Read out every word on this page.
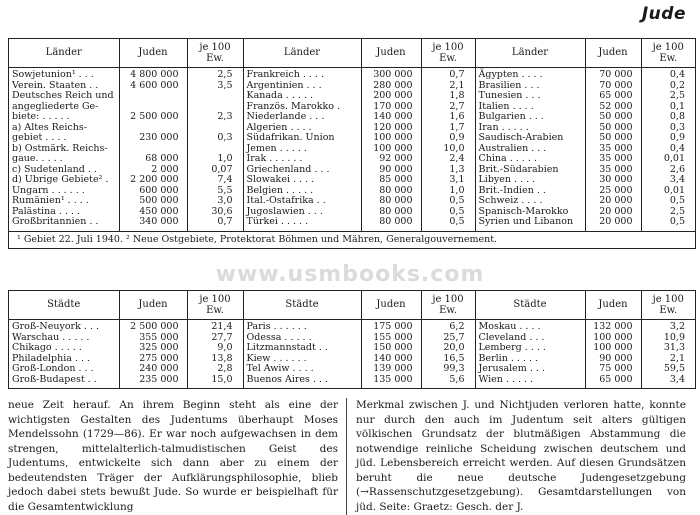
Jude
Länder	Juden	je 100 Ew.	Länder	Juden	je 100 Ew.	Länder	Juden	je 100 Ew.
Sowjetunion¹ . . .	4 800 000	2,5	Frankreich . . . .	300 000	0,7	Ägypten . . . .	70 000	0,4
Verein. Staaten . .	4 600 000	3,5	Argentinien . . .	280 000	2,1	Brasilien . . .	70 000	0,2
Deutsches Reich und			Kanada . . . . .	200 000	1,8	Tunesien . . .	65 000	2,5
angegliederte Ge-			Französ. Marokko .	170 000	2,7	Italien . . . .	52 000	0,1
biete: . . . . .	2 500 000	2,3	Niederlande . . .	140 000	1,6	Bulgarien . . .	50 000	0,8
a) Altes Reichs-			Algerien . . . .	120 000	1,7	Iran . . . . .	50 000	0,3
gebiet . . . .	230 000	0,3	Südafrikan. Union	100 000	0,9	Saudisch-Arabien	50 000	0,9
b) Ostmärk. Reichs-			Jemen . . . . .	100 000	10,0	Australien . . .	35 000	0,4
gaue. . . . .	68 000	1,0	Irak . . . . . .	92 000	2,4	China . . . . .	35 000	0,01
c) Sudetenland . .	2 000	0,07	Griechenland . . .	90 000	1,3	Brit.-Südarabien	35 000	2,6
d) Übrige Gebiete² .	2 200 000	7,4	Slowakei . . . .	85 000	3,1	Libyen . . . .	30 000	3,4
Ungarn . . . . . .	600 000	5,5	Belgien . . . . .	80 000	1,0	Brit.-Indien . .	25 000	0,01
Rumänien¹ . . . .	500 000	3,0	Ital.-Ostafrika . .	80 000	0,5	Schweiz . . . .	20 000	0,5
Palästina . . . .	450 000	30,6	Jugoslawien . . .	80 000	0,5	Spanisch-Marokko	20 000	2,5
Großbritannien . .	340 000	0,7	Türkei . . . . .	80 000	0,5	Syrien und Libanon	20 000	0,5
¹ Gebiet 22. Juli 1940. ² Neue Ostgebiete, Protektorat Böhmen und Mähren, Generalgouvernement.
Städte	Juden	je 100 Ew.	Städte	Juden	je 100 Ew.	Städte	Juden	je 100 Ew.
Groß-Neuyork . . .	2 500 000	21,4	Paris . . . . . .	175 000	6,2	Moskau . . . .	132 000	3,2
Warschau . . . . .	355 000	27,7	Odessa . . . . .	155 000	25,7	Cleveland . . .	100 000	10,9
Chikago . . . . .	325 000	9,0	Litzmannstadt . .	150 000	20,0	Lemberg . . . .	100 000	31,3
Philadelphia . . .	275 000	13,8	Kiew . . . . . .	140 000	16,5	Berlin . . . . .	90 000	2,1
Groß-London . . .	240 000	2,8	Tel Awiw . . . .	139 000	99,3	Jerusalem . . .	75 000	59,5
Groß-Budapest . .	235 000	15,0	Buenos Aires . . .	135 000	5,6	Wien . . . . .	65 000	3,4
www.usmbooks.com

neue Zeit herauf. An ihrem Beginn steht als eine der wichtigsten Gestalten des Judentums überhaupt Moses Mendelssohn (1729—86). Er war noch aufgewachsen in dem strengen, mittelalterlich-talmudistischen Geist des Judentums, entwickelte sich dann aber zu einem der bedeutendsten Träger der Aufklärungsphilosophie, blieb jedoch dabei stets bewußt Jude. So wurde er beispielhaft für die Gesamtentwicklung

Merkmal zwischen J. und Nichtjuden verloren hatte, konnte nur durch den auch im Judentum seit alters gültigen völkischen Grundsatz der blutmäßigen Abstammung die notwendige reinliche Scheidung zwischen deutschem und jüd. Lebensbereich erreicht werden. Auf diesen Grundsätzen beruht die neue deutsche Judengesetzgebung (→Rassenschutzgesetzgebung). Gesamtdarstellungen von jüd. Seite: Graetz: Gesch. der J.
